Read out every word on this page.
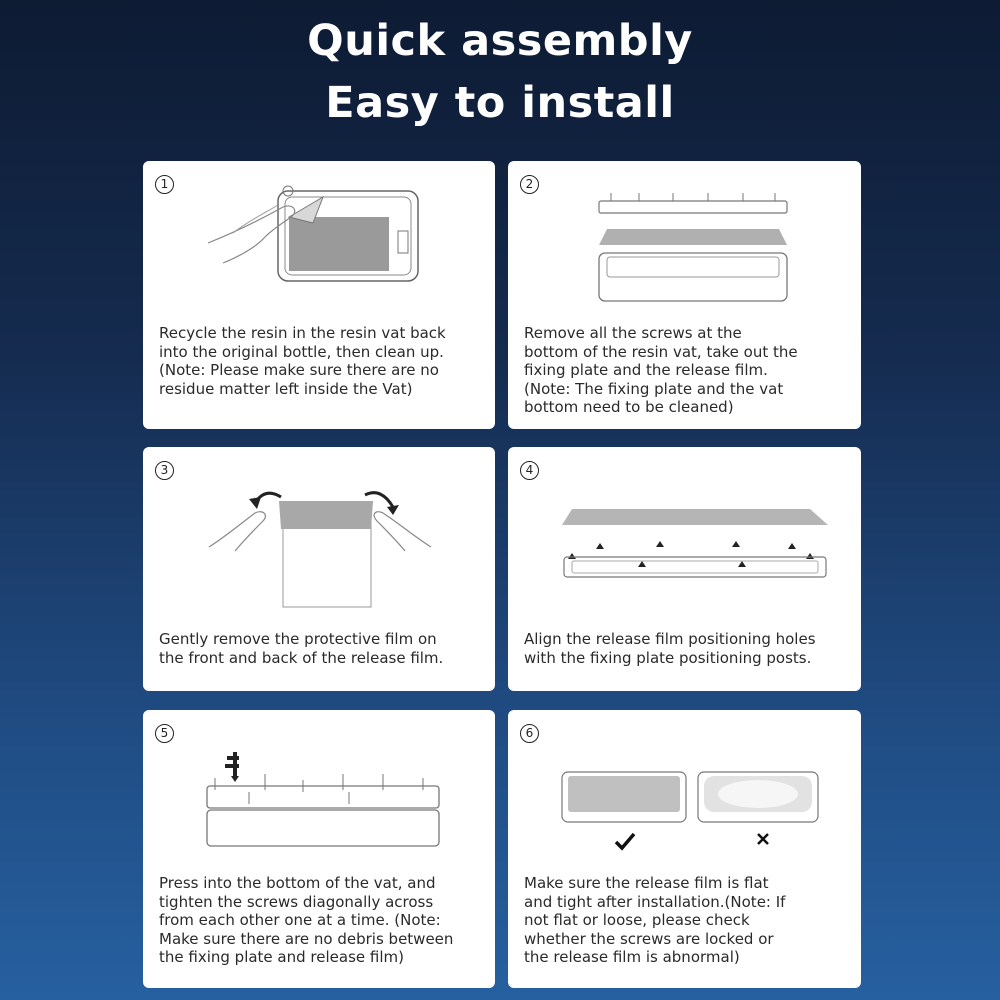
Quick assembly
Easy to install
1
Recycle the resin in the resin vat back
into the original bottle, then clean up.
(Note: Please make sure there are no
residue matter left inside the Vat)
2
Remove all the screws at the
bottom of the resin vat, take out the
fixing plate and the release film.
(Note: The fixing plate and the vat
bottom need to be cleaned)
3
Gently remove the protective film on
the front and back of the release film.
4
Align the release film positioning holes
with the fixing plate positioning posts.
5
Press into the bottom of the vat, and
tighten the screws diagonally across
from each other one at a time. (Note:
Make sure there are no debris between
the fixing plate and release film)
6
Make sure the release film is flat
and tight after installation.(Note: If
not flat or loose, please check
whether the screws are locked or
the release film is abnormal)
